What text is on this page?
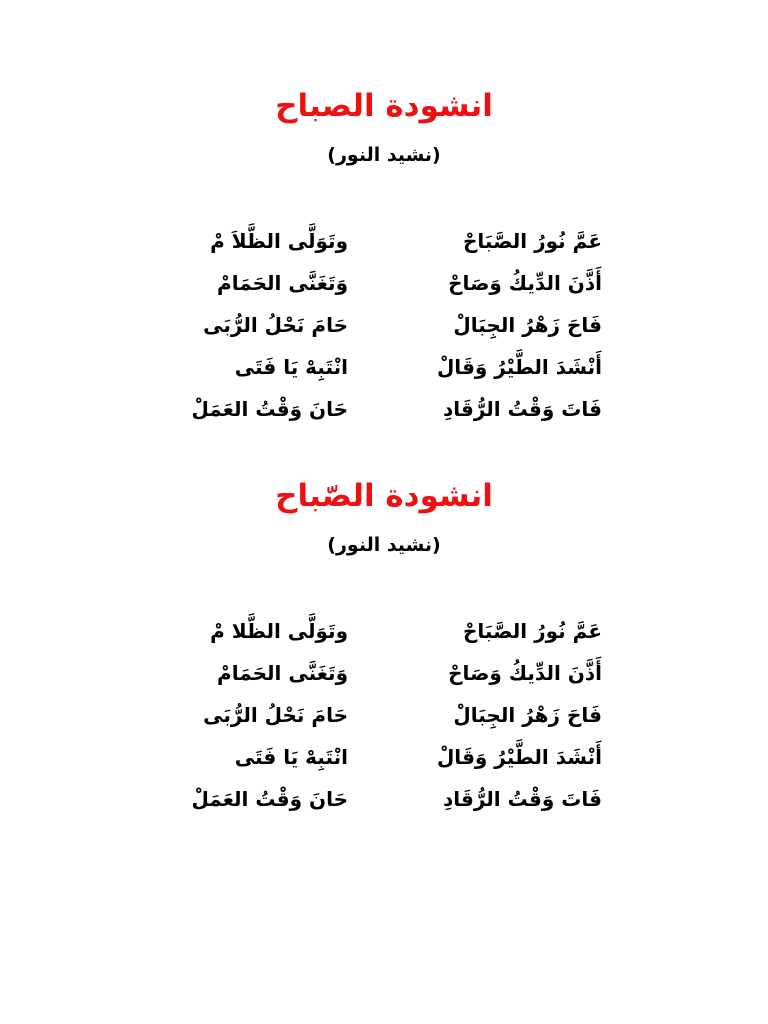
انشودة الصباح
(نشيد النور)
عَمَّ نُورُ الصَّبَاحْ
وتَوَلَّى الظَّلاَ مْ
أَذَّنَ الدِّيكُ وَصَاحْ
وَتَغَنَّى الحَمَامْ
فَاحَ زَهْرُ الجِبَالْ
حَامَ نَحْلُ الرُّبَى
أَنْشَدَ الطَّيْرُ وَقَالْ
انْتَبِهْ يَا فَتَى
فَاتَ وَقْتُ الرُّقَادِ
حَانَ وَقْتُ العَمَلْ
انشودة الصّباح
(نشيد النور)
عَمَّ نُورُ الصَّبَاحْ
وتَوَلَّى الظَّلا مْ
أَذَّنَ الدِّيكُ وَصَاحْ
وَتَغَنَّى الحَمَامْ
فَاحَ زَهْرُ الجِبَالْ
حَامَ نَحْلُ الرُّبَى
أَنْشَدَ الطَّيْرُ وَقَالْ
انْتَبِهْ يَا فَتَى
فَاتَ وَقْتُ الرُّقَادِ
حَانَ وَقْتُ العَمَلْ
